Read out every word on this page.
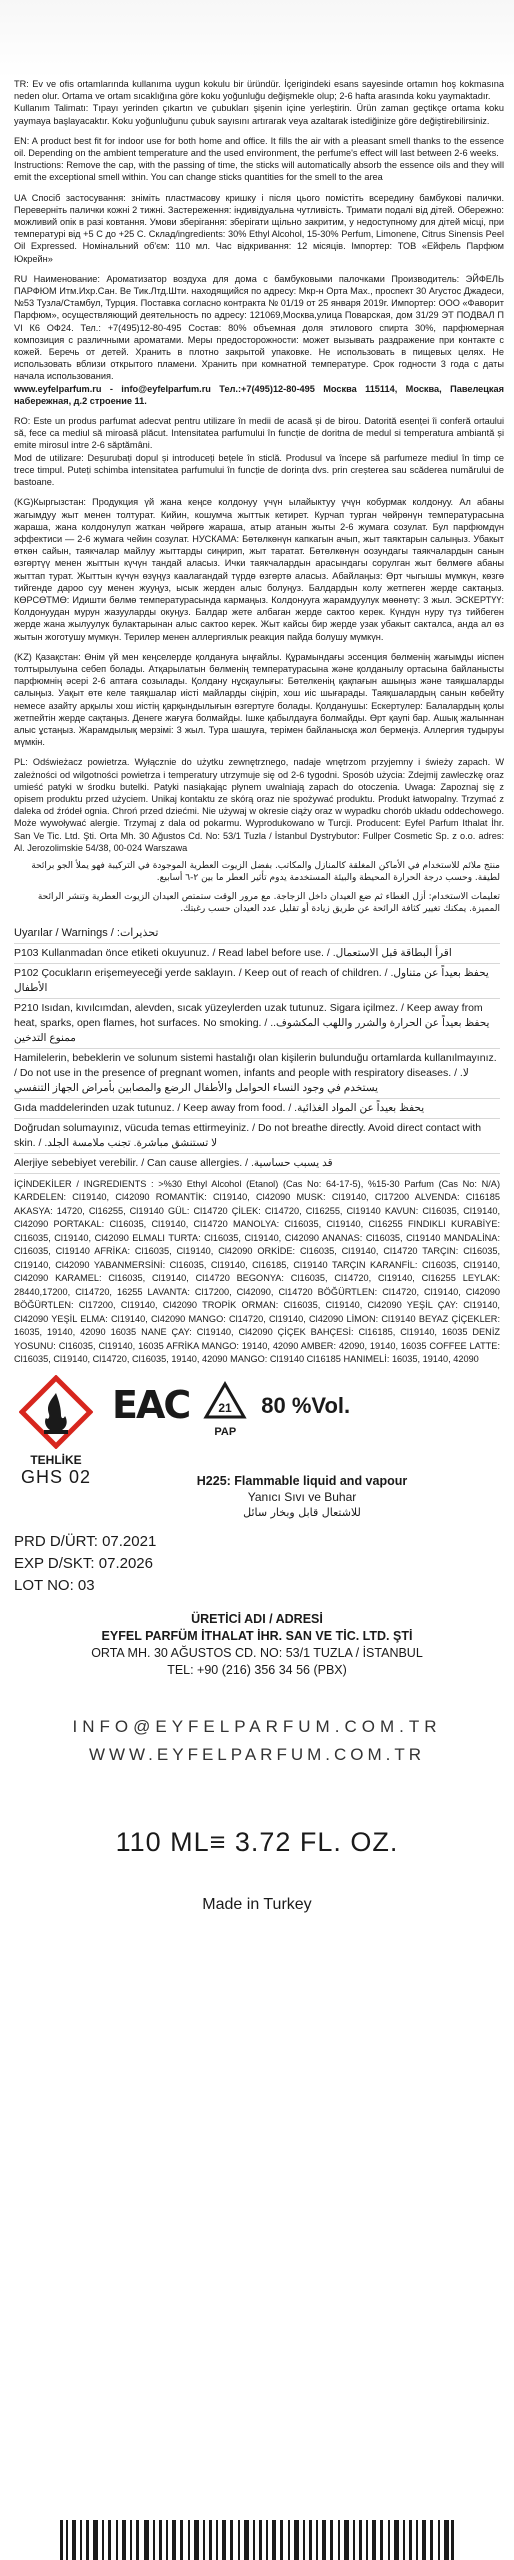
TR: Ev ve ofis ortamlarında kullanıma uygun kokulu bir üründür. İçerigindeki esans sayesinde ortamın hoş kokmasına neden olur. Ortama ve ortam sıcaklığına göre koku yoğunluğu değişmekle olup; 2-6 hafta arasında koku yaymaktadır.

Kullanım Talimatı: Tıpayı yerinden çıkartın ve çubukları şişenin içine yerleştirin. Ürün zaman geçtikçe ortama koku yaymaya başlayacaktır. Koku yoğunluğunu çubuk sayısını artırarak veya azaltarak istediğinize göre değiştirebilirsiniz.

EN: A product best fit for indoor use for both home and office. It fills the air with a pleasant smell thanks to the essence oil. Depending on the ambient temperature and the used environment, the perfume's effect will last between 2-6 weeks.

Instructions: Remove the cap, with the passing of time, the sticks will automatically absorb the essence oils and they will emit the exceptional smell within. You can change sticks quantities for the smell to the area

UA Спосіб застосування: зніміть пластмасову кришку і після цього помістіть всередину бамбукові палички. Переверніть палички кожні 2 тижні. Застереження: індивідуальна чутливість. Тримати подалі від дітей. Обережно: можливий опік в разі ковтання. Умови зберігання: зберігати щільно закритим, у недоступному для дітей місці, при температурі від +5 С до +25 С. Склад/ingredients: 30% Ethyl Alcohol, 15-30% Perfum, Limonene, Citrus Sinensis Peel Oil Expressed. Номінальний об'єм: 110 мл. Час відкривання: 12 місяців. Імпортер: ТОВ «Ейфель Парфюм Юкрейн»

RU Наименование: Ароматизатор воздуха для дома с бамбуковыми палочками Производитель: ЭЙФЕЛЬ ПАРФЮМ Итм.Ихр.Сан. Ве Тик.Лтд.Шти. находящийся по адресу: Мкр-н Орта Мах., проспект 30 Агустос Джадеси, №53 Тузла/Стамбул, Турция. Поставка согласно контракта № 01/19 от 25 января 2019г. Импортер: ООО «Фаворит Парфюм», осуществляющий деятельность по адресу: 121069,Москва,улица Поварская, дом 31/29 ЭТ ПОДВАЛ П VI К6 ОФ24. Тел.: +7(495)12-80-495 Состав: 80% объемная доля этилового спирта 30%, парфюмерная композиция с различными ароматами. Меры предосторожности: может вызывать раздражение при контакте с кожей. Беречь от детей. Хранить в плотно закрытой упаковке. Не использовать в пищевых целях. Не использовать вблизи открытого пламени. Хранить при комнатной температуре. Срок годности 3 года с даты начала использования.

www.eyfelparfum.ru - info@eyfelparfum.ru Тел.:+7(495)12-80-495 Москва 115114, Москва, Павелецкая набережная, д.2 строение 11.

RO: Este un produs parfumat adecvat pentru utilizare în medii de acasă și de birou. Datorită esenței îi conferă ortaului să, fece ca mediul să miroasă plăcut. Intensitatea parfumului în funcție de doritna de medul si temperatura ambiantă și emite mirosul intre 2-6 săptămâni.

Mod de utilizare: Deșurubați dopul și introduceți bețele în sticlă. Produsul va începe să parfumeze mediul în timp ce trece timpul. Puteți schimba intensitatea parfumului în funcție de dorința dvs. prin creșterea sau scăderea numărului de bastoane.

(KG)Кыргызстан: Продукция үй жана кеңсе колдонуу үчүн ылайыктуу үчүн кобурмак колдонуу. Ал абаны жагымдуу жыт менен толтурат. Кийин, кошумча жыттык кетирет. Курчап турган чөйрөнүн температурасына жараша, жана колдонулуп жаткан чөйрөгө жараша, атыр атанын жыты 2-6 жумага созулат. Бул парфюмдүн эффектиси — 2-6 жумага чейин созулат. НУСКАМА: Бөтөлкөнүн капкагын ачып, жыт таяктарын салыңыз. Убакыт өткөн сайын, таякчалар майлуу жыттарды сиңирип, жыт таратат. Бөтөлкөнүн оозундагы таякчалардын санын өзгөртүү менен жыттын күчүн тандай аласыз. Ички таякчалардын арасындагы сорулган жыт бөлмөгө абаны жыттап турат. Жыттын күчүн өзүңүз каалагандай түрдө өзгөртө аласыз. Абайлаңыз: Өрт чыгышы мүмкүн, көзгө тийгенде дароо суу менен жууңуз, ысык жерден алыс болуңуз. Балдардын колу жетпеген жерде сактаңыз. КӨРСӨТМӨ: Идишти бөлмө температурасында кармаңыз. Колдонууга жарамдуулук мөөнөтү: 3 жыл. ЭСКЕРТҮҮ: Колдонуудан мурун жазууларды окуңуз. Балдар жете албаган жерде сактоо керек. Күндүн нуру түз тийбеген жерде жана жылуулук булактарынан алыс сактоо керек. Жыт кайсы бир жерде узак убакыт сакталса, анда ал өз жытын жоготушу мүмкүн. Терилер менен аллергиялык реакция пайда болушу мүмкүн.

(KZ) Қазақстан: Өнім үй мен кеңселерде қолдануға ыңғайлы. Құрамындағы эссенция бөлменің жағымды иіспен толтырылуына себеп болады. Атқарылатын бөлменің температурасына және қолданылу ортасына байланысты парфюмнің әсері 2-6 аптаға созылады. Қолдану нұсқаулығы: Бөтелкенің қақпағын ашыңыз және таяқшаларды салыңыз. Уақыт өте келе таяқшалар иісті майларды сіңіріп, хош иіс шығарады. Таяқшалардың санын көбейту немесе азайту арқылы хош иістің қарқындылығын өзгертуге болады. Қолданушы: Ескертулер: Балалардың қолы жетпейтін жерде сақтаңыз. Денеге жағуға болмайды. Ішке қабылдауға болмайды. Өрт қаупі бар. Ашық жалыннан алыс ұстаңыз. Жарамдылық мерзімі: 3 жыл. Тура шашуға, терімен байланысқа жол бермеңіз. Аллергия тудыруы мүмкін.

PL: Odświeżacz powietrza. Wyłącznie do użytku zewnętrznego, nadaje wnętrzom przyjemny i świeży zapach. W zależności od wilgotności powietrza i temperatury utrzymuje się od 2-6 tygodni. Sposób użycia: Zdejmij zawleczkę oraz umieść patyki w środku butelki. Patyki nasiąkając płynem uwalniają zapach do otoczenia. Uwaga: Zapoznaj się z opisem produktu przed użyciem. Unikaj kontaktu ze skórą oraz nie spożywać produktu. Produkt łatwopalny. Trzymać z daleka od źródeł ognia. Chroń przed dziećmi. Nie używaj w okresie ciąży oraz w wypadku chorób układu oddechowego. Może wywoływać alergie. Trzymaj z dala od pokarmu. Wyprodukowano w Turcji. Producent: Eyfel Parfum Ithalat İhr. San Ve Tic. Ltd. Şti. Orta Mh. 30 Ağustos Cd. No: 53/1 Tuzla / İstanbul Dystrybutor: Fullper Cosmetic Sp. z o.o. adres: Al. Jerozolimskie 54/38, 00-024 Warszawa

منتج ملائم للاستخدام في الأماكن المغلقة كالمنازل والمكاتب. بفضل الزيوت العطرية الموجودة في التركيبة فهو يملأ الجو برائحة لطيفة. وحسب درجة الحرارة المحيطة والبيئة المستخدمة يدوم تأثير العطر ما بين ٢-٦ أسابيع.

تعليمات الاستخدام: أزل الغطاء ثم ضع العيدان داخل الزجاجة. مع مرور الوقت ستمتص العيدان الزيوت العطرية وتنشر الرائحة المميزة. يمكنك تغيير كثافة الرائحة عن طريق زيادة أو تقليل عدد العيدان حسب رغبتك.

Uyarılar / Warnings / :تحذيرات
P103 Kullanmadan önce etiketi okuyunuz. / Read label before use. / .اقرأ البطاقة قبل الاستعمال
P102 Çocukların erişemeyeceği yerde saklayın. / Keep out of reach of children. / .يحفظ بعيداً عن متناول الأطفال
P210 Isıdan, kıvılcımdan, alevden, sıcak yüzeylerden uzak tutunuz. Sigara içilmez. / Keep away from heat, sparks, open flames, hot surfaces. No smoking. / .يحفظ بعيداً عن الحرارة والشرر واللهب المكشوف. ممنوع التدخين
Hamilelerin, bebeklerin ve solunum sistemi hastalığı olan kişilerin bulunduğu ortamlarda kullanılmayınız. / Do not use in the presence of pregnant women, infants and people with respiratory diseases. / .لا يستخدم في وجود النساء الحوامل والأطفال الرضع والمصابين بأمراض الجهاز التنفسي
Gıda maddelerinden uzak tutunuz. / Keep away from food. / .يحفظ بعيداً عن المواد الغذائية
Doğrudan solumayınız, vücuda temas ettirmeyiniz. / Do not breathe directly. Avoid direct contact with skin. / .لا تستنشق مباشرة. تجنب ملامسة الجلد
Alerjiye sebebiyet verebilir. / Can cause allergies. / .قد يسبب حساسية
İÇİNDEKİLER / INGREDIENTS : >%30 Ethyl Alcohol (Etanol) (Cas No: 64-17-5), %15-30 Parfum (Cas No: N/A) KARDELEN: Cl19140, Cl42090 ROMANTİK: Cl19140, Cl42090 MUSK: Cl19140, Cl17200 ALVENDA: Cl16185 AKASYA: 14720, Cl16255, Cl19140 GÜL: Cl14720 ÇİLEK: Cl14720, Cl16255, Cl19140 KAVUN: Cl16035, Cl19140, Cl42090 PORTAKAL: Cl16035, Cl19140, Cl14720 MANOLYA: Cl16035, Cl19140, Cl16255 FINDIKLI KURABİYE: Cl16035, Cl19140, Cl42090 ELMALI TURTA: Cl16035, Cl19140, Cl42090 ANANAS: Cl16035, Cl19140 MANDALİNA: Cl16035, Cl19140 AFRİKA: Cl16035, Cl19140, Cl42090 ORKİDE: Cl16035, Cl19140, Cl14720 TARÇIN: Cl16035, Cl19140, Cl42090 YABANMERSİNİ: Cl16035, Cl19140, Cl16185, Cl19140 TARÇIN KARANFİL: Cl16035, Cl19140, Cl42090 KARAMEL: Cl16035, Cl19140, Cl14720 BEGONYA: Cl16035, Cl14720, Cl19140, Cl16255 LEYLAK: 28440,17200, Cl14720, 16255 LAVANTA: Cl17200, Cl42090, Cl14720 BÖĞÜRTLEN: Cl14720, Cl19140, Cl42090 BÖĞÜRTLEN: Cl17200, Cl19140, Cl42090 TROPİK ORMAN: Cl16035, Cl19140, Cl42090 YEŞİL ÇAY: Cl19140, Cl42090 YEŞİL ELMA: Cl19140, Cl42090 MANGO: Cl14720, Cl19140, Cl42090 LİMON: Cl19140 BEYAZ ÇİÇEKLER: 16035, 19140, 42090 16035 NANE ÇAY: Cl19140, Cl42090 ÇİÇEK BAHÇESİ: Cl16185, Cl19140, 16035 DENİZ YOSUNU: Cl16035, Cl19140, 16035 AFRİKA MANGO: 19140, 42090 AMBER: 42090, 19140, 16035 COFFEE LATTE: Cl16035, Cl19140, Cl14720, Cl16035, 19140, 42090 MANGO: Cl19140 Cl16185 HANIMELİ: 16035, 19140, 42090
TEHLİKE
GHS 02
EAC 21
PAP
80 %Vol.
H225: Flammable liquid and vapour
Yanıcı Sıvı ve Buhar
للاشتعال قابل وبخار سائل
PRD D/ÜRT: 07.2021
EXP D/SKT: 07.2026
LOT NO: 03
ÜRETİCİ ADI / ADRESİ
EYFEL PARFÜM İTHALAT İHR. SAN VE TİC. LTD. ŞTİ
ORTA MH. 30 AĞUSTOS CD. NO: 53/1 TUZLA / İSTANBUL
TEL: +90 (216) 356 34 56 (PBX)
INFO@EYFELPARFUM.COM.TR
WWW.EYFELPARFUM.COM.TR
110 ML≡ 3.72 FL. OZ.
Made in Turkey
